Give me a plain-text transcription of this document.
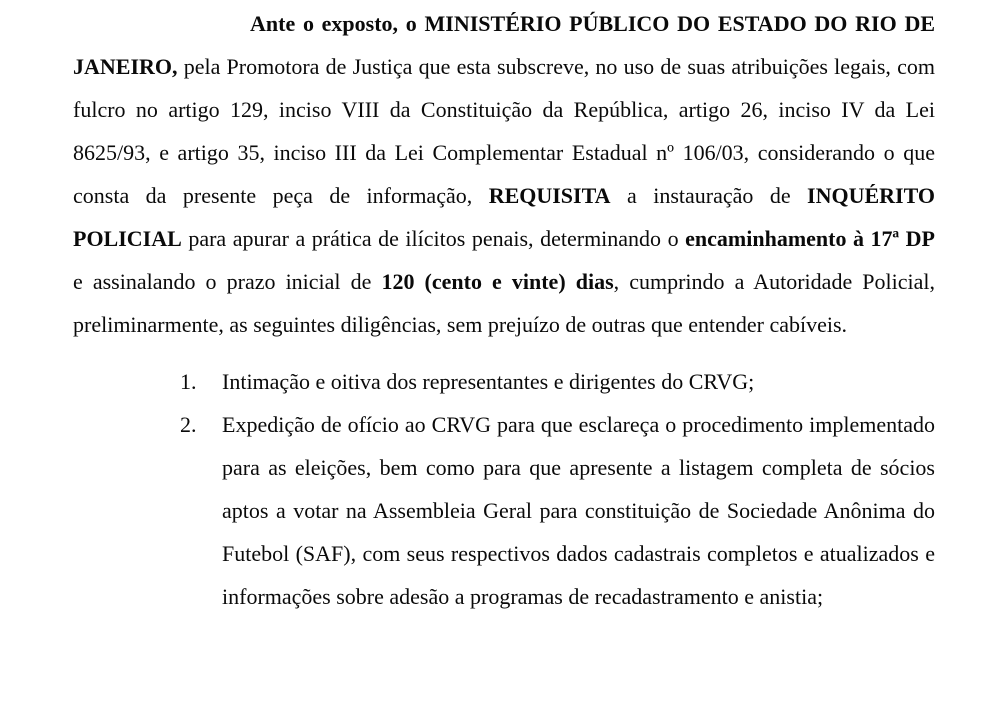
Ante o exposto, o MINISTÉRIO PÚBLICO DO ESTADO DO RIO DE JANEIRO, pela Promotora de Justiça que esta subscreve, no uso de suas atribuições legais, com fulcro no artigo 129, inciso VIII da Constituição da República, artigo 26, inciso IV da Lei 8625/93, e artigo 35, inciso III da Lei Complementar Estadual nº 106/03, considerando o que consta da presente peça de informação, REQUISITA a instauração de INQUÉRITO POLICIAL para apurar a prática de ilícitos penais, determinando o encaminhamento à 17ª DP e assinalando o prazo inicial de 120 (cento e vinte) dias, cumprindo a Autoridade Policial, preliminarmente, as seguintes diligências, sem prejuízo de outras que entender cabíveis.

1. Intimação e oitiva dos representantes e dirigentes do CRVG;
2. Expedição de ofício ao CRVG para que esclareça o procedimento implementado para as eleições, bem como para que apresente a listagem completa de sócios aptos a votar na Assembleia Geral para constituição de Sociedade Anônima do Futebol (SAF), com seus respectivos dados cadastrais completos e atualizados e informações sobre adesão a programas de recadastramento e anistia;
